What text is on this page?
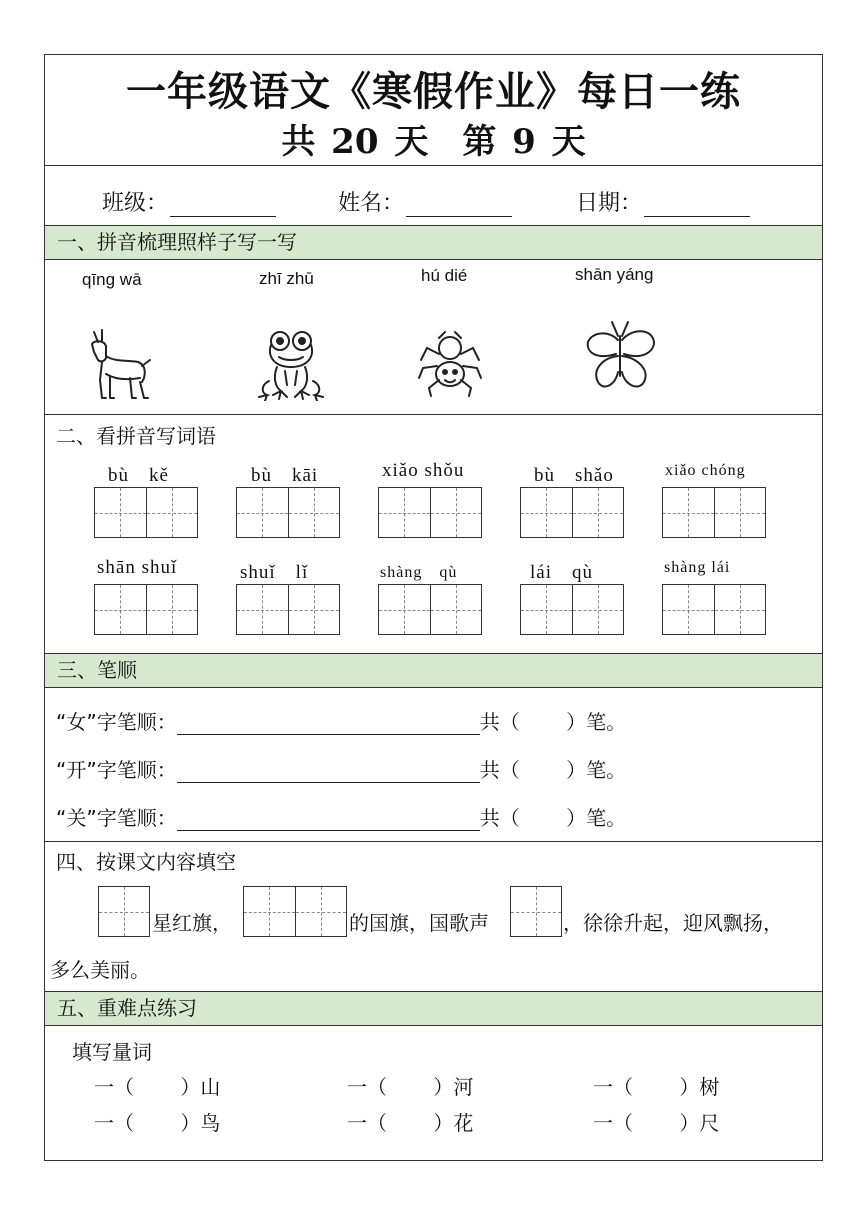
一年级语文《寒假作业》每日一练
共 20 天　第 9 天
班级：	姓名：	日期：
一、拼音梳理照样子写一写
qīng wā	zhī zhū	hú dié	shān yáng
二、看拼音写词语
bù　kě	bù　kāi	xiǎo shǒu	bù　shǎo	xiǎo chóng
shān shuǐ	shuǐ　lǐ	shàng　qù	lái　qù	shàng lái
三、笔顺
“女”字笔顺：	共（　　 ）笔。
“开”字笔顺：	共（　　 ）笔。
“关”字笔顺：	共（　　 ）笔。
四、按课文内容填空
星红旗，	的国旗，国歌声	，徐徐升起，迎风飘扬，
多么美丽。
五、重难点练习
填写量词
一（　　 ）山	一（　　 ）河	一（　　 ）树
一（　　 ）鸟	一（　　 ）花	一（　　 ）尺
